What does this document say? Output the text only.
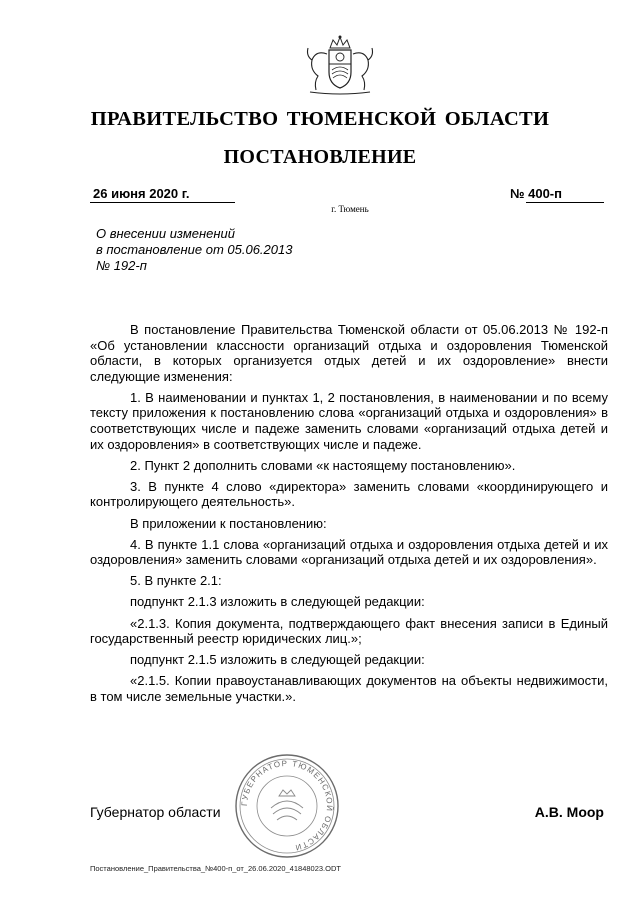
ПРАВИТЕЛЬСТВО ТЮМЕНСКОЙ ОБЛАСТИ
ПОСТАНОВЛЕНИЕ
26 июня 2020 г.	№ 400-п
г. Тюмень
О внесении изменений
в постановление от 05.06.2013
№ 192-п

В постановление Правительства Тюменской области от 05.06.2013 № 192-п «Об установлении классности организаций отдыха и оздоровления Тюменской области, в которых организуется отдых детей и их оздоровление» внести следующие изменения:

1. В наименовании и пунктах 1, 2 постановления, в наименовании и по всему тексту приложения к постановлению слова «организаций отдыха и оздоровления» в соответствующих числе и падеже заменить словами «организаций отдыха детей и их оздоровления» в соответствующих числе и падеже.

2. Пункт 2 дополнить словами «к настоящему постановлению».

3. В пункте 4 слово «директора» заменить словами «координирующего и контролирующего деятельность».

В приложении к постановлению:

4. В пункте 1.1 слова «организаций отдыха и оздоровления отдыха детей и их оздоровления» заменить словами «организаций отдыха детей и их оздоровления».

5. В пункте 2.1:

подпункт 2.1.3 изложить в следующей редакции:

«2.1.3. Копия документа, подтверждающего факт внесения записи в Единый государственный реестр юридических лиц.»;

подпункт 2.1.5 изложить в следующей редакции:

«2.1.5. Копии правоустанавливающих документов на объекты недвижимости, в том числе земельные участки.».

ГУБЕРНАТОР ТЮМЕНСКОЙ ОБЛАСТИ
Губернатор области	А.В. Моор
Постановление_Правительства_№400-п_от_26.06.2020_41848023.ODT
